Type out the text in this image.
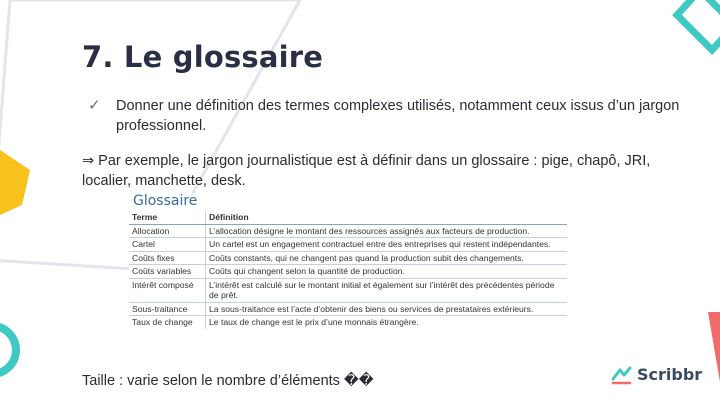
7. Le glossaire
✓	Donner une définition des termes complexes utilisés, notamment ceux issus d’un jargon professionnel.
⇒ Par exemple, le jargon journalistique est à définir dans un glossaire : pige, chapô, JRI, localier, manchette, desk.
Glossaire
Terme	Définition
Allocation	L’allocation désigne le montant des ressources assignés aux facteurs de production.
Cartel	Un cartel est un engagement contractuel entre des entreprises qui restent indépendantes.
Coûts fixes	Coûts constants, qui ne changent pas quand la production subit des changements.
Coûts variables	Coûts qui changent selon la quantité de production.
Intérêt composé	L’intérêt est calculé sur le montant initial et également sur l’intérêt des précédentes période de prêt.
Sous-traitance	La sous-traitance est l’acte d’obtenir des biens ou services de prestataires extérieurs.
Taux de change	Le taux de change est le prix d’une monnais étrangère.
Taille : varie selon le nombre d’éléments ��	Scribbr
